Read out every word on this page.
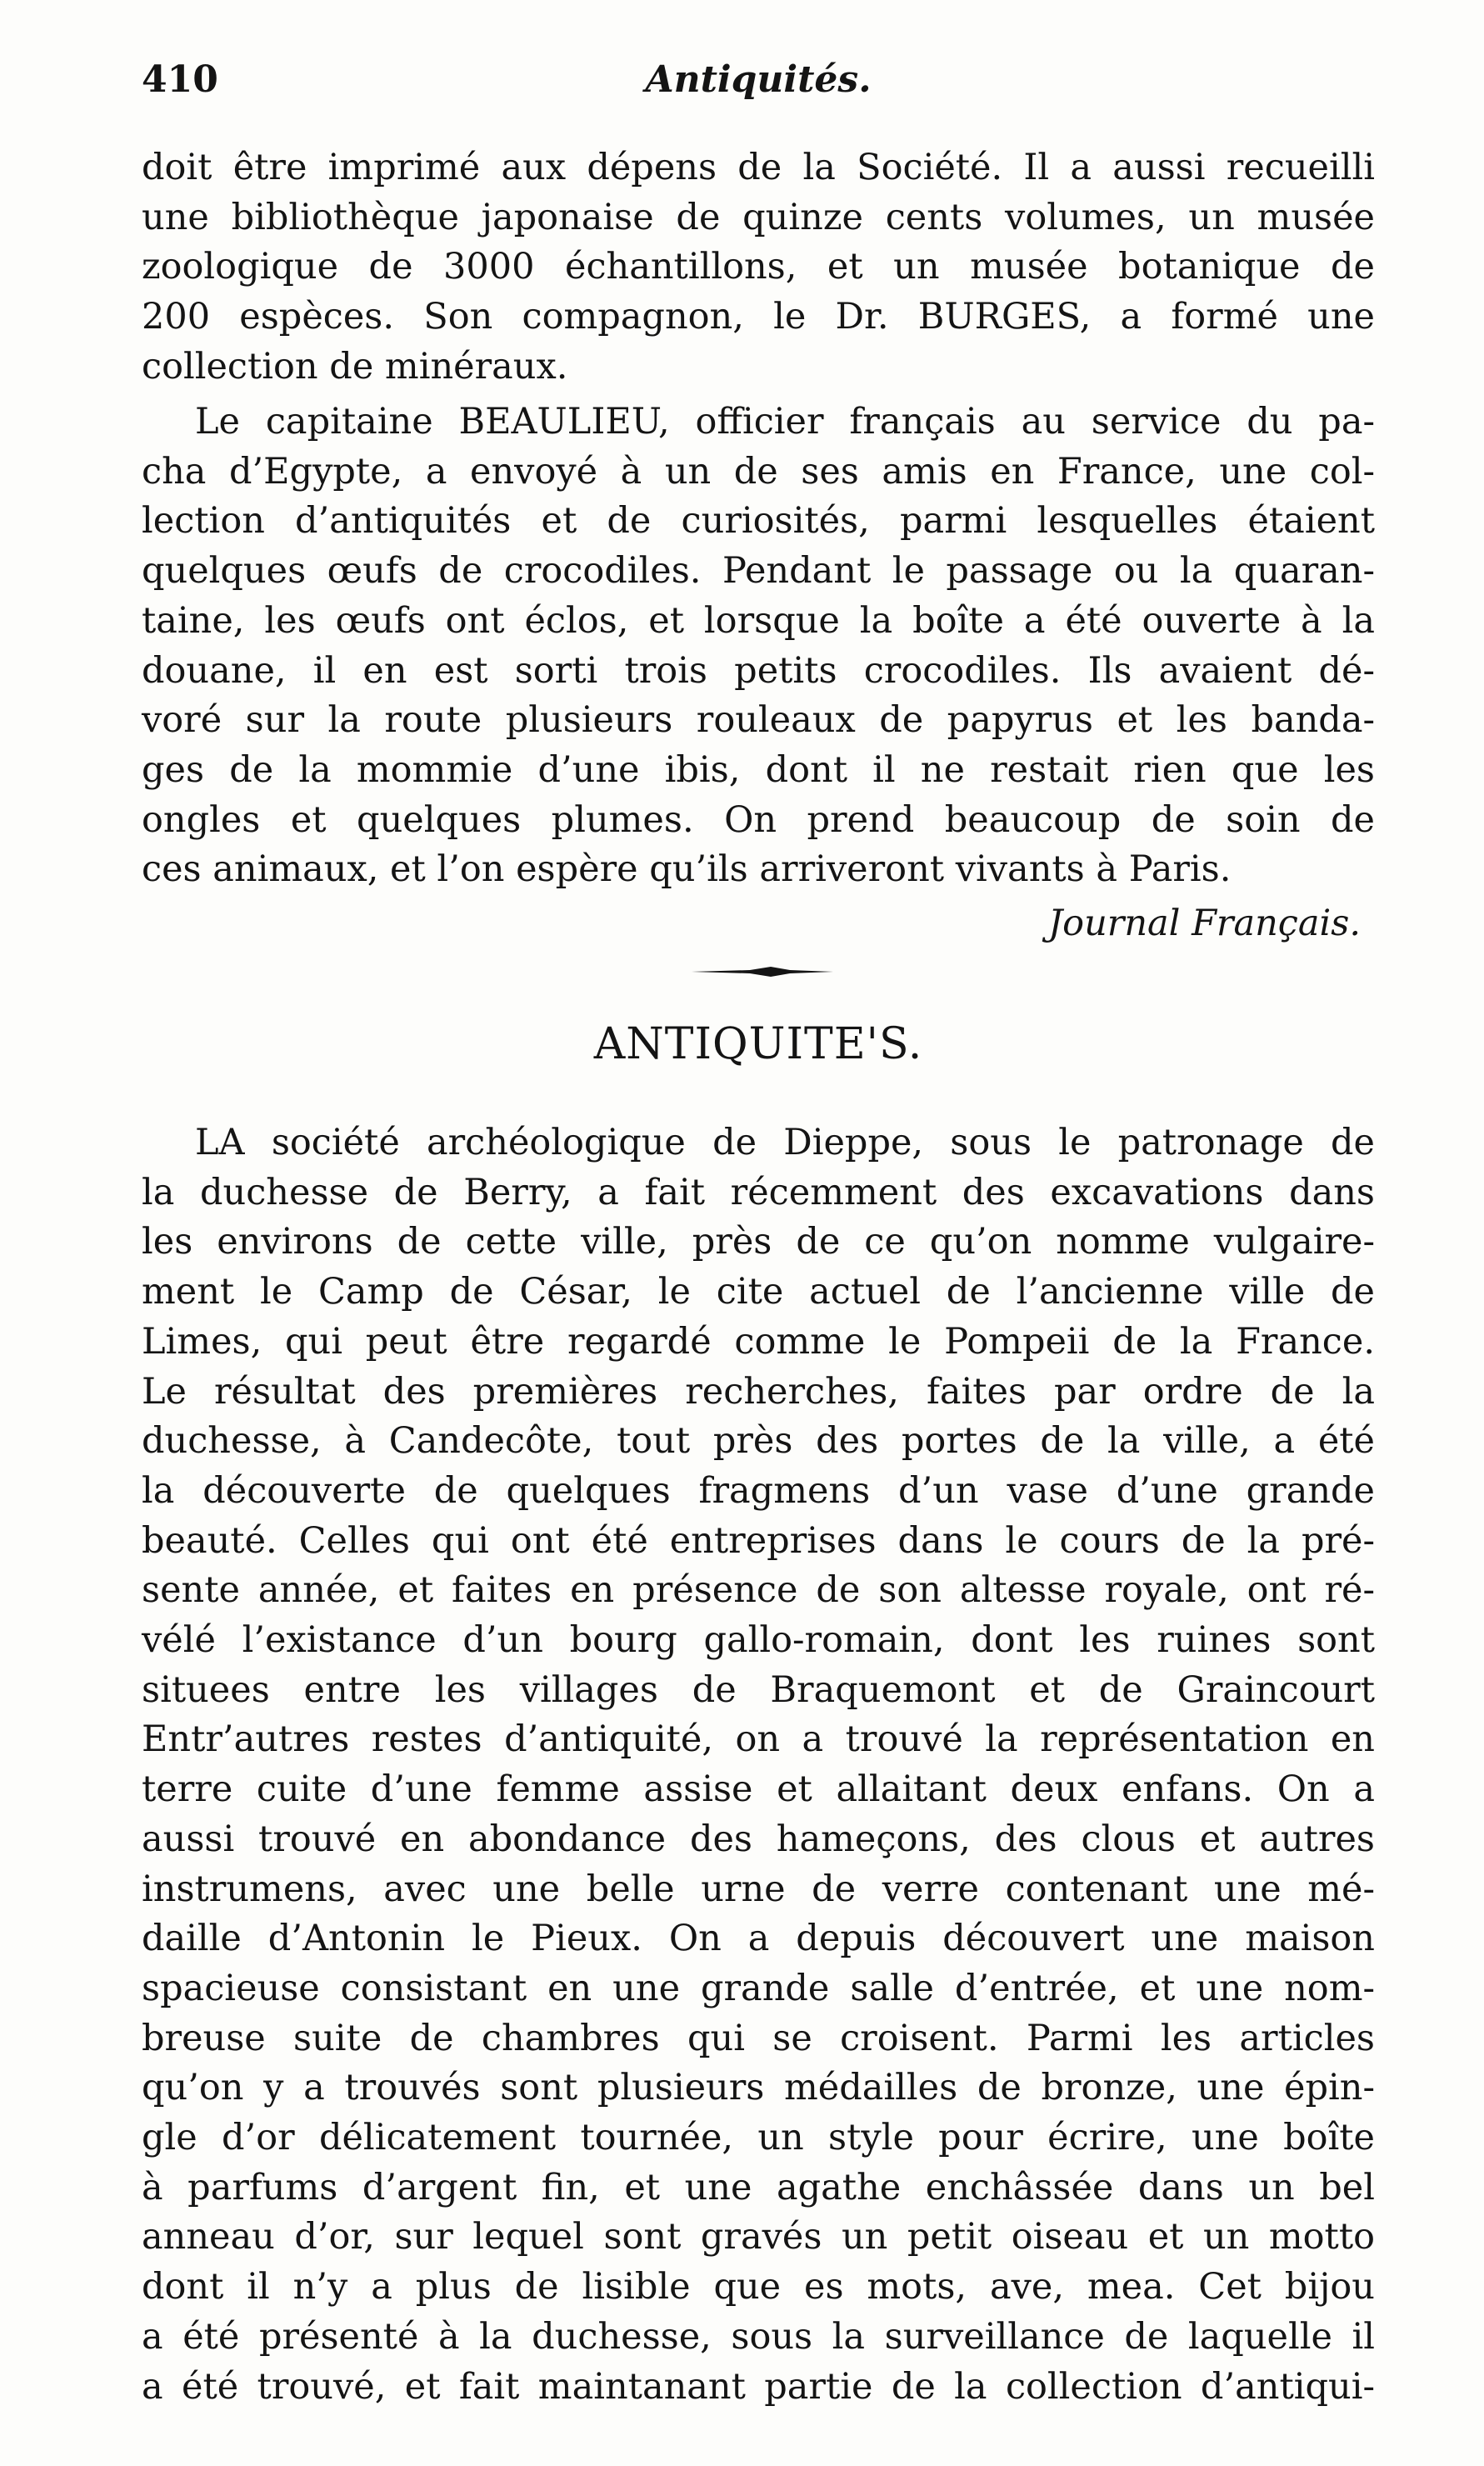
410	Antiquités.
doit être imprimé aux dépens de la Société. Il a aussi recueilli
une bibliothèque japonaise de quinze cents volumes, un musée
zoologique de 3000 échantillons, et un musée botanique de
200 espèces. Son compagnon, le Dr. BURGES, a formé une
collection de minéraux.
Le capitaine BEAULIEU, officier français au service du pa-
cha d’Egypte, a envoyé à un de ses amis en France, une col-
lection d’antiquités et de curiosités, parmi lesquelles étaient
quelques œufs de crocodiles. Pendant le passage ou la quaran-
taine, les œufs ont éclos, et lorsque la boîte a été ouverte à la
douane, il en est sorti trois petits crocodiles. Ils avaient dé-
voré sur la route plusieurs rouleaux de papyrus et les banda-
ges de la mommie d’une ibis, dont il ne restait rien que les
ongles et quelques plumes. On prend beaucoup de soin de
ces animaux, et l’on espère qu’ils arriveront vivants à Paris.
Journal Français.
ANTIQUITE'S.
LA société archéologique de Dieppe, sous le patronage de
la duchesse de Berry, a fait récemment des excavations dans
les environs de cette ville, près de ce qu’on nomme vulgaire-
ment le Camp de César, le cite actuel de l’ancienne ville de
Limes, qui peut être regardé comme le Pompeii de la France.
Le résultat des premières recherches, faites par ordre de la
duchesse, à Candecôte, tout près des portes de la ville, a été
la découverte de quelques fragmens d’un vase d’une grande
beauté. Celles qui ont été entreprises dans le cours de la pré-
sente année, et faites en présence de son altesse royale, ont ré-
vélé l’existance d’un bourg gallo-romain, dont les ruines sont
situees entre les villages de Braquemont et de Graincourt
Entr’autres restes d’antiquité, on a trouvé la représentation en
terre cuite d’une femme assise et allaitant deux enfans. On a
aussi trouvé en abondance des hameçons, des clous et autres
instrumens, avec une belle urne de verre contenant une mé-
daille d’Antonin le Pieux. On a depuis découvert une maison
spacieuse consistant en une grande salle d’entrée, et une nom-
breuse suite de chambres qui se croisent. Parmi les articles
qu’on y a trouvés sont plusieurs médailles de bronze, une épin-
gle d’or délicatement tournée, un style pour écrire, une boîte
à parfums d’argent fin, et une agathe enchâssée dans un bel
anneau d’or, sur lequel sont gravés un petit oiseau et un motto
dont il n’y a plus de lisible que es mots, ave, mea. Cet bijou
a été présenté à la duchesse, sous la surveillance de laquelle il
a été trouvé, et fait maintanant partie de la collection d’antiqui-
